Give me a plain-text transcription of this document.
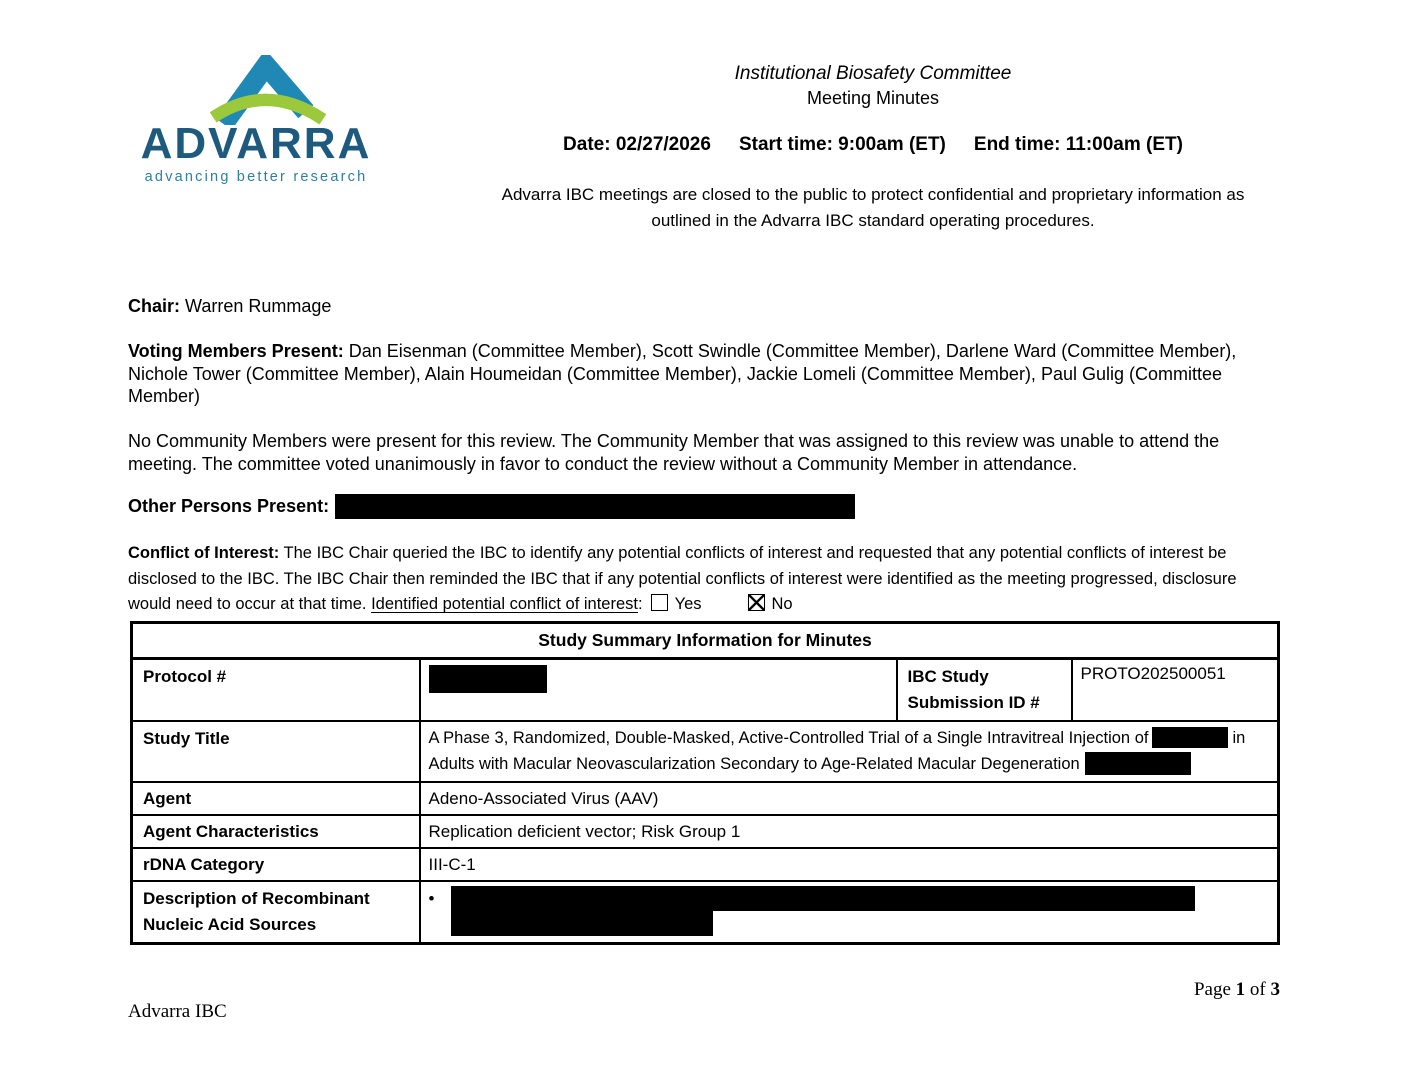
ADVARRA
advancing better research
Institutional Biosafety Committee
Meeting Minutes
Date: 02/27/2026 Start time: 9:00am (ET) End time: 11:00am (ET)
Advarra IBC meetings are closed to the public to protect confidential and proprietary information as outlined in the Advarra IBC standard operating procedures.
Chair: Warren Rummage
Voting Members Present: Dan Eisenman (Committee Member), Scott Swindle (Committee Member), Darlene Ward (Committee Member), Nichole Tower (Committee Member), Alain Houmeidan (Committee Member), Jackie Lomeli (Committee Member), Paul Gulig (Committee Member)
No Community Members were present for this review. The Community Member that was assigned to this review was unable to attend the meeting. The committee voted unanimously in favor to conduct the review without a Community Member in attendance.
Other Persons Present:
Conflict of Interest: The IBC Chair queried the IBC to identify any potential conflicts of interest and requested that any potential conflicts of interest be disclosed to the IBC. The IBC Chair then reminded the IBC that if any potential conflicts of interest were identified as the meeting progressed, disclosure would need to occur at that time. Identified potential conflict of interest: Yes	No
Study Summary Information for Minutes			
Protocol #		IBC Study Submission ID #	PROTO202500051
Study Title	A Phase 3, Randomized, Double-Masked, Active-Controlled Trial of a Single Intravitreal Injection of in Adults with Macular Neovascularization Secondary to Age-Related Macular Degeneration		
Agent	Adeno-Associated Virus (AAV)		
Agent Characteristics	Replication deficient vector; Risk Group 1		
rDNA Category	III-C-1		
Description of Recombinant Nucleic Acid Sources	•		
Page 1 of 3
Advarra IBC
